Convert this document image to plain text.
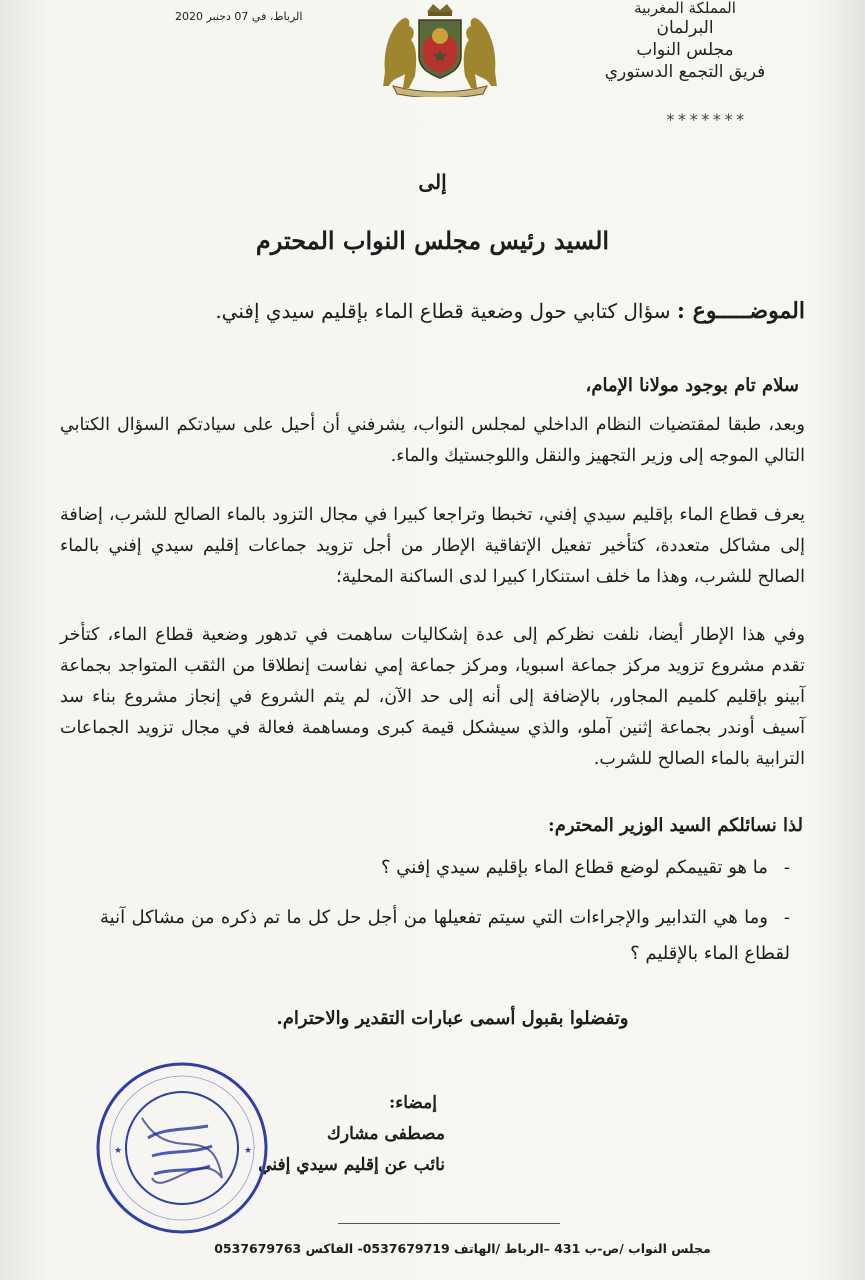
المملكة المغربية
البرلمان
مجلس النواب
فريق التجمع الدستوري
*******
الرباط، في 07 دجنبر 2020
إلى
السيد رئيس مجلس النواب المحترم
الموضـــــوع : سؤال كتابي حول وضعية قطاع الماء بإقليم سيدي إفني.
سلام تام بوجود مولانا الإمام،

وبعد، طبقا لمقتضيات النظام الداخلي لمجلس النواب، يشرفني أن أحيل على سيادتكم السؤال الكتابي التالي الموجه إلى وزير التجهيز والنقل واللوجستيك والماء.

يعرف قطاع الماء بإقليم سيدي إفني، تخبطا وتراجعا كبيرا في مجال التزود بالماء الصالح للشرب، إضافة إلى مشاكل متعددة، كتأخير تفعيل الإتفاقية الإطار من أجل تزويد جماعات إقليم سيدي إفني بالماء الصالح للشرب، وهذا ما خلف استنكارا كبيرا لدى الساكنة المحلية؛

وفي هذا الإطار أيضا، نلفت نظركم إلى عدة إشكاليات ساهمت في تدهور وضعية قطاع الماء، كتأخر تقدم مشروع تزويد مركز جماعة اسبويا، ومركز جماعة إمي نفاست إنطلاقا من الثقب المتواجد بجماعة آبينو بإقليم كلميم المجاور، بالإضافة إلى أنه إلى حد الآن، لم يتم الشروع في إنجاز مشروع بناء سد آسيف أوندر بجماعة إثنين آملو، والذي سيشكل قيمة كبرى ومساهمة فعالة في مجال تزويد الجماعات الترابية بالماء الصالح للشرب.

لذا نسائلكم السيد الوزير المحترم:
-ما هو تقييمكم لوضع قطاع الماء بإقليم سيدي إفني ؟
-وما هي التدابير والإجراءات التي سيتم تفعيلها من أجل حل كل ما تم ذكره من مشاكل آنية لقطاع الماء بالإقليم ؟
وتفضلوا بقبول أسمى عبارات التقدير والاحترام.
إمضاء:
مصطفى مشارك
نائب عن إقليم سيدي إفني
★	★
مجلس النواب /ص-ب 431 –الرباط /الهاتف 0537679719- الفاكس 0537679763
